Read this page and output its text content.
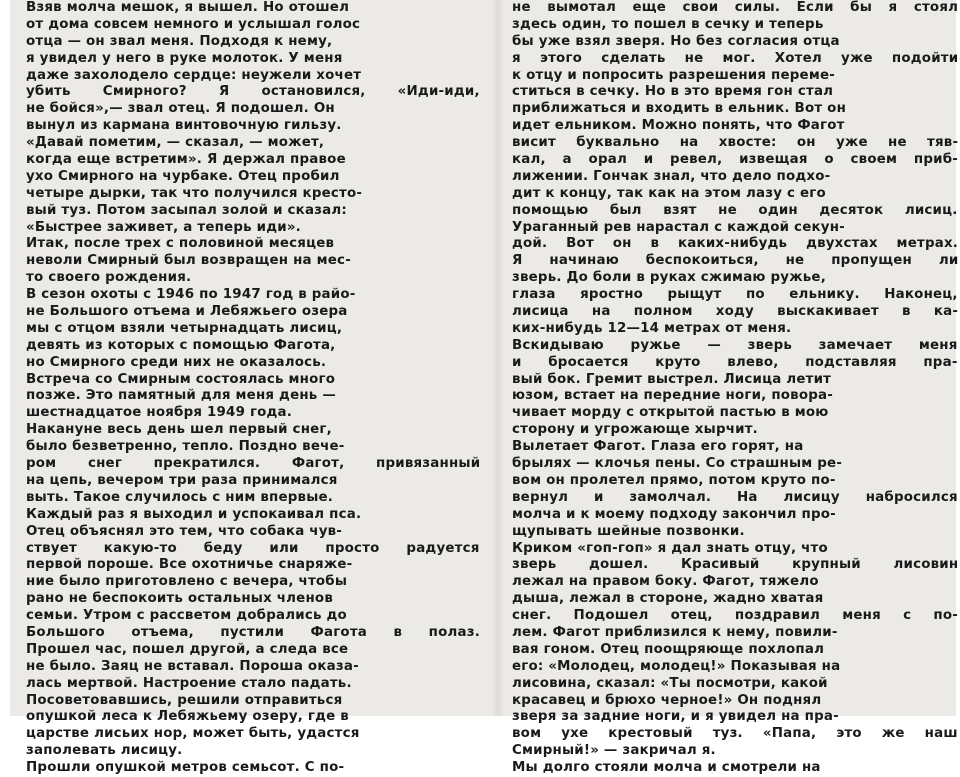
Взяв молча мешок, я вышел. Но отошел
от дома совсем немного и услышал голос
отца — он звал меня. Подходя к нему,
я увидел у него в руке молоток. У меня
даже захолодело сердце: неужели хочет
убить Смирного? Я остановился, «Иди-иди,
не бойся»,— звал отец. Я подошел. Он
вынул из кармана винтовочную гильзу.
«Давай пометим, — сказал, — может,
когда еще встретим». Я держал правое
ухо Смирного на чурбаке. Отец пробил
четыре дырки, так что получился крестo-
вый туз. Потом засыпал золой и сказал:
«Быстрее заживет, а теперь иди».
Итак, после трех с половиной месяцев
неволи Смирный был возвращен на мес-
то своего рождения.
В сезон охоты с 1946 по 1947 год в райо-
не Большого отъема и Лебяжьего озера
мы с отцом взяли четырнадцать лисиц,
девять из которых с помощью Фагота,
но Смирного среди них не оказалось.
Встреча со Смирным состоялась много
позже. Это памятный для меня день —
шестнадцатое ноября 1949 года.
Накануне весь день шел первый снег,
было безветренно, тепло. Поздно вече-
ром снег прекратился. Фагот, привязанный
на цепь, вечером три раза принимался
выть. Такое случилось с ним впервые.
Каждый раз я выходил и успокаивал пса.
Отец объяснял это тем, что собака чув-
ствует какую-то беду или просто радуется
первой пороше. Все охотничье снаряже-
ние было приготовлено с вечера, чтобы
рано не беспокоить остальных членов
семьи. Утром с рассветом добрались до
Большого отъема, пустили Фагота в полаз.
Прошел час, пошел другой, а следа все
не было. Заяц не вставал. Пороша оказа-
лась мертвой. Настроение стало падать.
Посоветовавшись, решили отправиться
опушкой леса к Лебяжьему озеру, где в
царстве лисьих нор, может быть, удастся
заполевать лисицу.
Прошли опушкой метров семьсот. С по-
не вымотал еще свои силы. Если бы я стоял
здесь один, то пошел в сечку и теперь
бы уже взял зверя. Но без согласия отца
я этого сделать не мог. Хотел уже подойти
к отцу и попросить разрешения переме-
ститься в сечку. Но в это время гон стал
приближаться и входить в ельник. Вот он
идет ельником. Можно понять, что Фагот
висит буквально на хвосте: он уже не тяв-
кал, а орал и ревел, извещая о своем приб-
лижении. Гончак знал, что дело подхо-
дит к концу, так как на этом лазу с его
помощью был взят не один десяток лисиц.
Ураганный рев нарастал с каждой секун-
дой. Вот он в каких-нибудь двухстах метрах.
Я начинаю беспокоиться, не пропущен ли
зверь. До боли в руках сжимаю ружье,
глаза яростно рыщут по ельнику. Наконец,
лисица на полном ходу выскакивает в ка-
ких-нибудь 12—14 метрах от меня.
Вскидываю ружье — зверь замечает меня
и бросается круто влево, подставляя пра-
вый бок. Гремит выстрел. Лисица летит
юзом, встает на передние ноги, повора-
чивает морду с открытой пастью в мою
сторону и угрожающе хырчит.
Вылетает Фагот. Глаза его горят, на
брылях — клочья пены. Со страшным ре-
вом он пролетел прямо, потом круто по-
вернул и замолчал. На лисицу набросился
молча и к моему подходу закончил про-
щупывать шейные позвонки.
Криком «гоп-гоп» я дал знать отцу, что
зверь дошел. Красивый крупный лисовин
лежал на правом боку. Фагот, тяжело
дыша, лежал в стороне, жадно хватая
снег. Подошел отец, поздравил меня с по-
лем. Фагот приблизился к нему, повили-
вая гоном. Отец поощряюще похлопал
его: «Молодец, молодец!» Показывая на
лисовина, сказал: «Ты посмотри, какой
красавец и брюхо черное!» Он поднял
зверя за задние ноги, и я увидел на пра-
вом ухе крестовый туз. «Папа, это же наш
Смирный!» — закричал я.
Мы долго стояли молча и смотрели на
